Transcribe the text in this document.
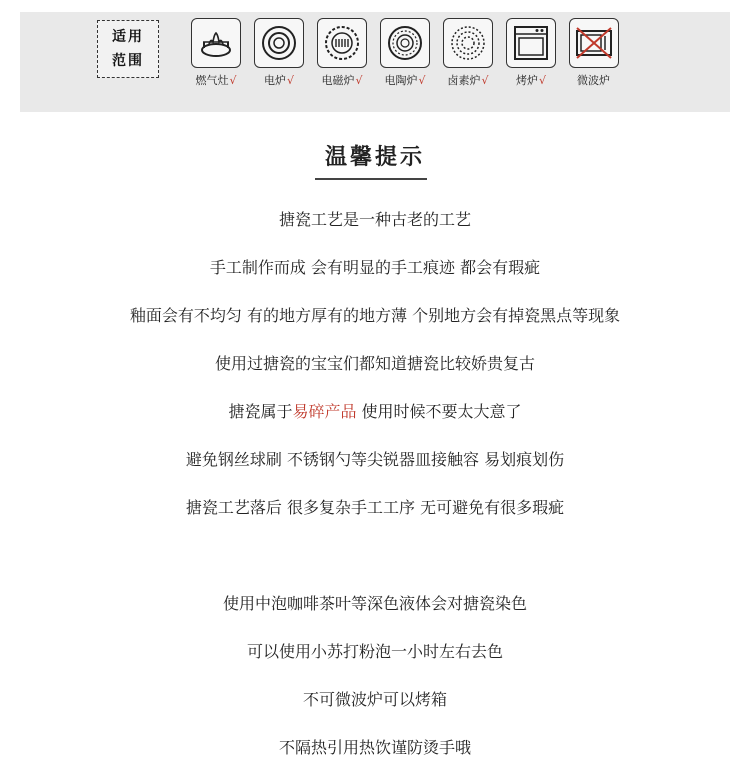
适用
范围
燃气灶√	电炉√	电磁炉√	电陶炉√	卤素炉√	烤炉√	微波炉
温馨提示
搪瓷工艺是一种古老的工艺
手工制作而成 会有明显的手工痕迹 都会有瑕疵
釉面会有不均匀 有的地方厚有的地方薄 个别地方会有掉瓷黑点等现象
使用过搪瓷的宝宝们都知道搪瓷比较娇贵复古
搪瓷属于易碎产品 使用时候不要太大意了
避免钢丝球刷 不锈钢勺等尖锐器皿接触容 易划痕划伤
搪瓷工艺落后 很多复杂手工工序 无可避免有很多瑕疵
使用中泡咖啡茶叶等深色液体会对搪瓷染色
可以使用小苏打粉泡一小时左右去色
不可微波炉可以烤箱
不隔热引用热饮谨防烫手哦
